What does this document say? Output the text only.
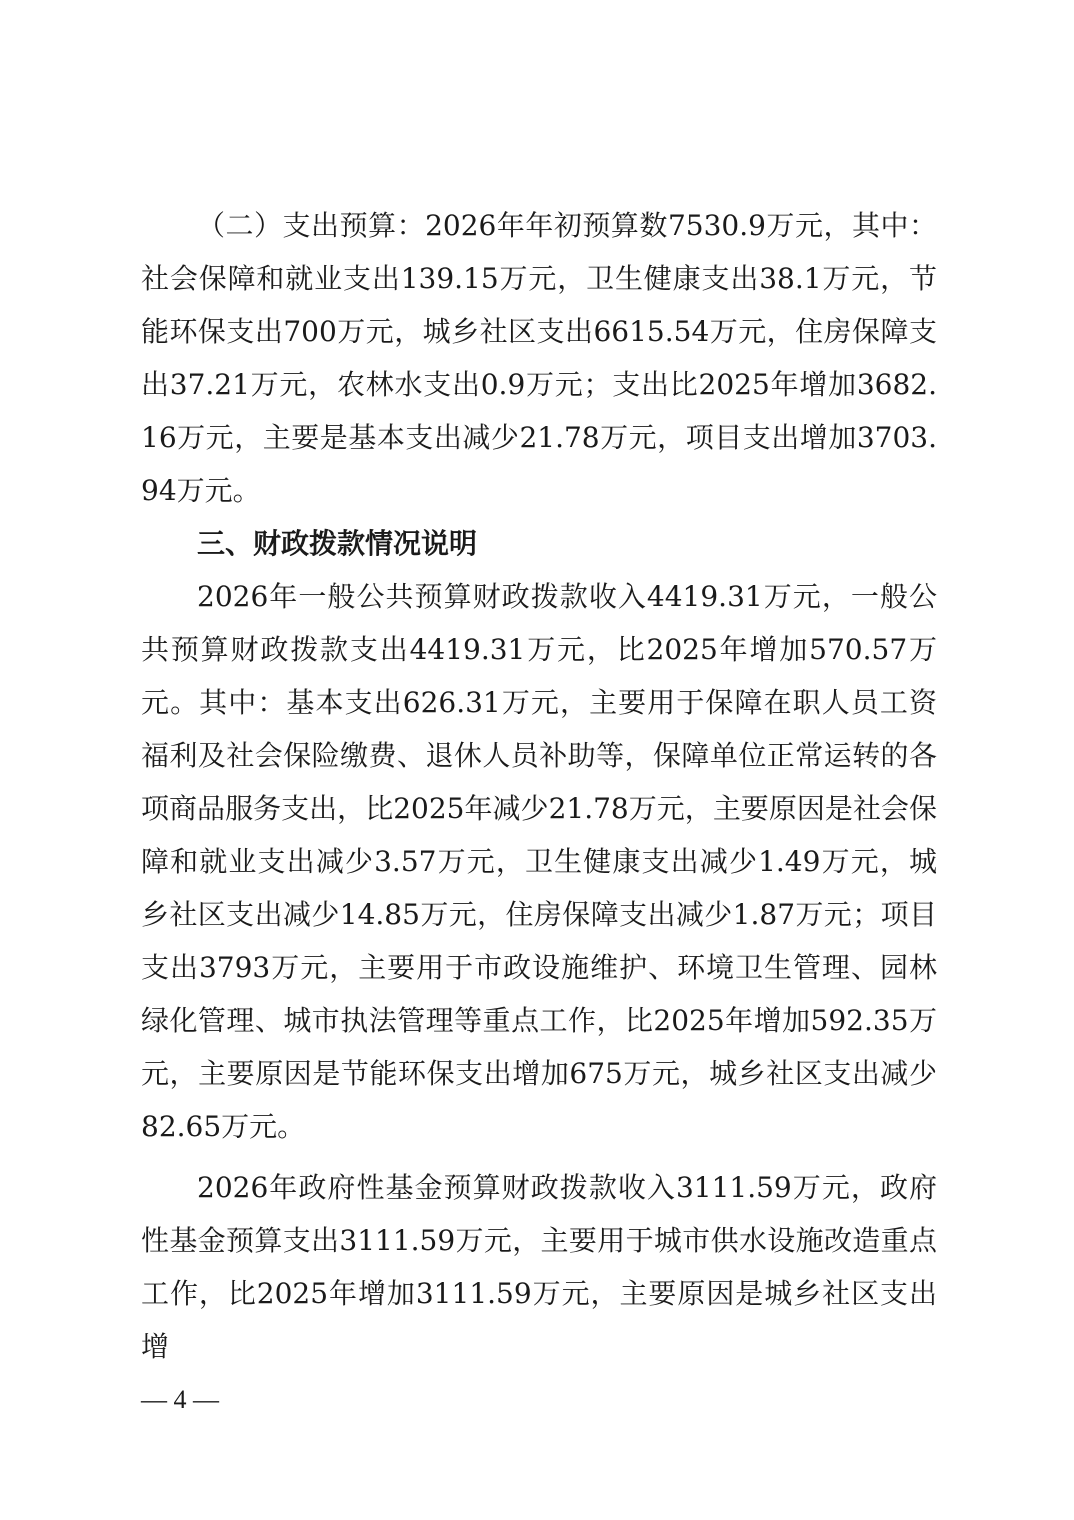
（二）支出预算：2026年年初预算数7530.9万元，其中：社会保障和就业支出139.15万元，卫生健康支出38.1万元，节能环保支出700万元，城乡社区支出6615.54万元，住房保障支出37.21万元，农林水支出0.9万元；支出比2025年增加3682.16万元，主要是基本支出减少21.78万元，项目支出增加3703.94万元。

三、财政拨款情况说明

2026年一般公共预算财政拨款收入4419.31万元，一般公共预算财政拨款支出4419.31万元，比2025年增加570.57万元。其中：基本支出626.31万元，主要用于保障在职人员工资福利及社会保险缴费、退休人员补助等，保障单位正常运转的各项商品服务支出，比2025年减少21.78万元，主要原因是社会保障和就业支出减少3.57万元，卫生健康支出减少1.49万元，城乡社区支出减少14.85万元，住房保障支出减少1.87万元；项目支出3793万元，主要用于市政设施维护、环境卫生管理、园林绿化管理、城市执法管理等重点工作，比2025年增加592.35万元，主要原因是节能环保支出增加675万元，城乡社区支出减少82.65万元。

2026年政府性基金预算财政拨款收入3111.59万元，政府性基金预算支出3111.59万元，主要用于城市供水设施改造重点工作，比2025年增加3111.59万元，主要原因是城乡社区支出增

— 4 —
